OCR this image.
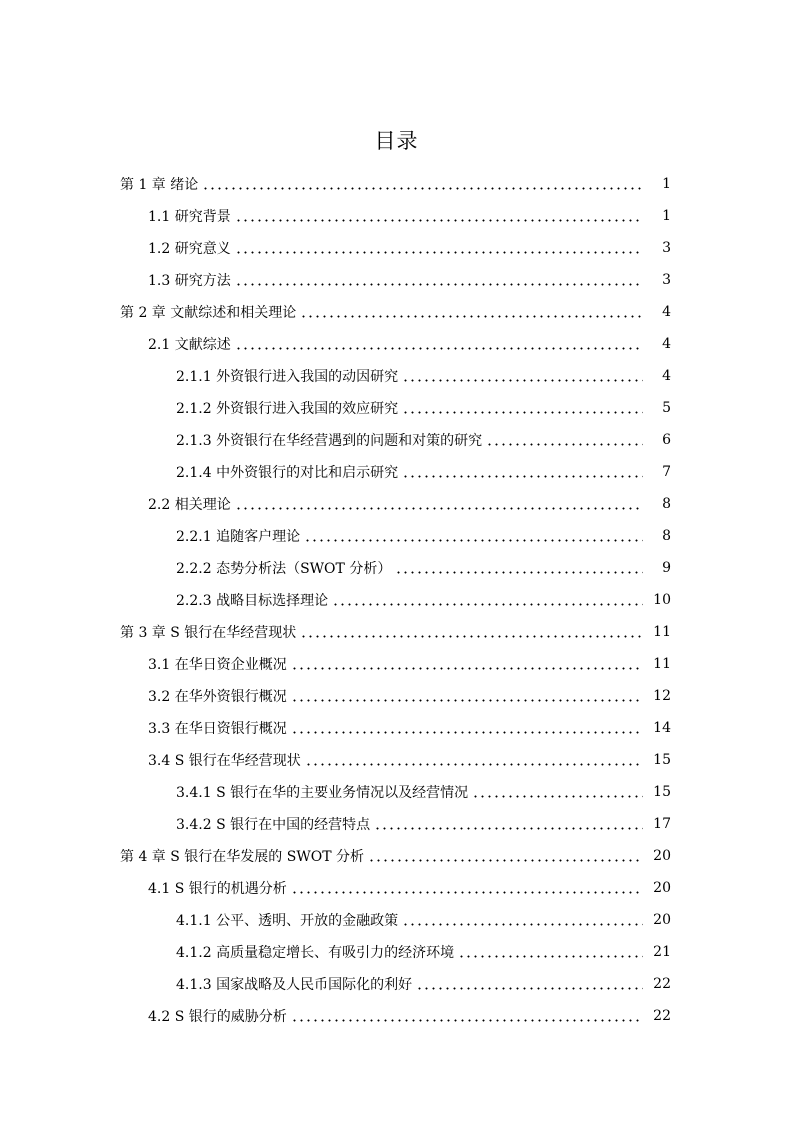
目录
第 1 章 绪论	1
1.1 研究背景	1
1.2 研究意义	3
1.3 研究方法	3
第 2 章 文献综述和相关理论	4
2.1 文献综述	4
2.1.1 外资银行进入我国的动因研究	4
2.1.2 外资银行进入我国的效应研究	5
2.1.3 外资银行在华经营遇到的问题和对策的研究	6
2.1.4 中外资银行的对比和启示研究	7
2.2 相关理论	8
2.2.1 追随客户理论	8
2.2.2 态势分析法（SWOT 分析）	9
2.2.3 战略目标选择理论	10
第 3 章 S 银行在华经营现状	11
3.1 在华日资企业概况	11
3.2 在华外资银行概况	12
3.3 在华日资银行概况	14
3.4 S 银行在华经营现状	15
3.4.1 S 银行在华的主要业务情况以及经营情况	15
3.4.2 S 银行在中国的经营特点	17
第 4 章 S 银行在华发展的 SWOT 分析	20
4.1 S 银行的机遇分析	20
4.1.1 公平、透明、开放的金融政策	20
4.1.2 高质量稳定增长、有吸引力的经济环境	21
4.1.3 国家战略及人民币国际化的利好	22
4.2 S 银行的威胁分析	22
